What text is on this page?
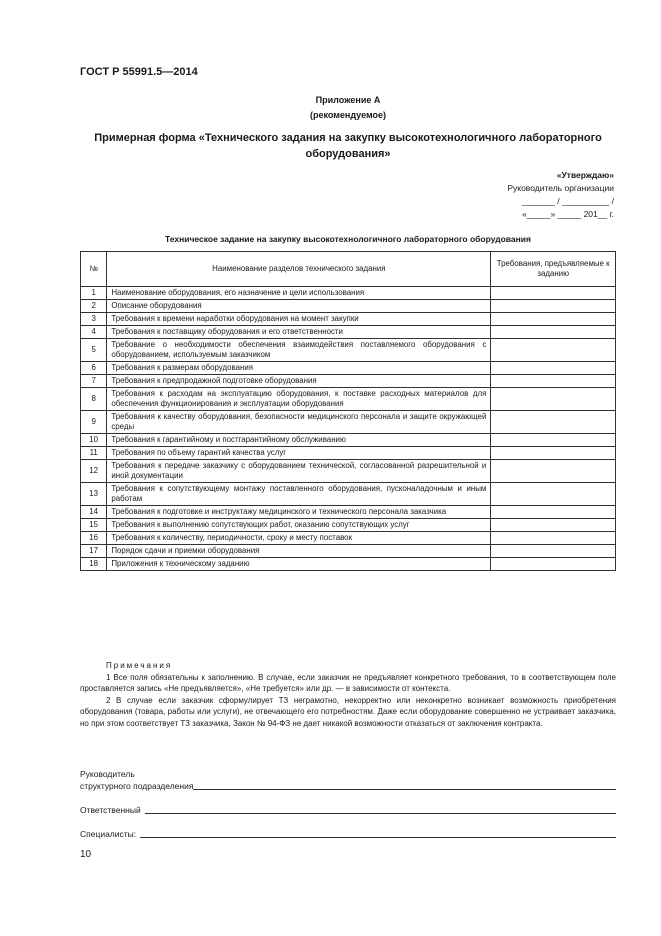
ГОСТ Р 55991.5—2014
Приложение А
(рекомендуемое)
Примерная форма «Технического задания на закупку высокотехнологичного лабораторного оборудования»
«Утверждаю»
Руководитель организации
_______ / __________ /
«_____» _____ 201__ г.
Техническое задание на закупку высокотехнологичного лабораторного оборудования
№	Наименование разделов технического задания	Требования, предъявляемые к заданию
1	Наименование оборудования, его назначение и цели использования	
2	Описание оборудования	
3	Требования к времени наработки оборудования на момент закупки	
4	Требования к поставщику оборудования и его ответственности	
5	Требование о необходимости обеспечения взаимодействия поставляемого оборудования с оборудованием, используемым заказчиком	
6	Требования к размерам оборудования	
7	Требования к предпродажной подготовке оборудования	
8	Требования к расходам на эксплуатацию оборудования, к поставке расходных материалов для обеспечения функционирования и эксплуатации оборудования	
9	Требования к качеству оборудования, безопасности медицинского персонала и защите окружающей среды	
10	Требования к гарантийному и постгарантийному обслуживанию	
11	Требования по объему гарантий качества услуг	
12	Требования к передаче заказчику с оборудованием технической, согласованной разрешительной и иной документации	
13	Требования к сопутствующему монтажу поставленного оборудования, пусконаладочным и иным работам	
14	Требования к подготовке и инструктажу медицинского и технического персонала заказчика	
15	Требования к выполнению сопутствующих работ, оказанию сопутствующих услуг	
16	Требования к количеству, периодичности, сроку и месту поставок	
17	Порядок сдачи и приемки оборудования	
18	Приложения к техническому заданию	
Примечания

1 Все поля обязательны к заполнению. В случае, если заказчик не предъявляет конкретного требования, то в соответствующем поле проставляется запись «Не предъявляется», «Не требуется» или др. — в зависимости от контекста.

2 В случае если заказчик сформулирует ТЗ неграмотно, некорректно или неконкретно возникает возможность приобретения оборудования (товара, работы или услуги), не отвечающего его потребностям. Даже если оборудование совершенно не устраивает заказчика, но при этом соответствует ТЗ заказчика, Закон № 94-ФЗ не дает никакой возможности отказаться от заключения контракта.

Руководитель
структурного подразделения
Ответственный
Специалисты:
10
